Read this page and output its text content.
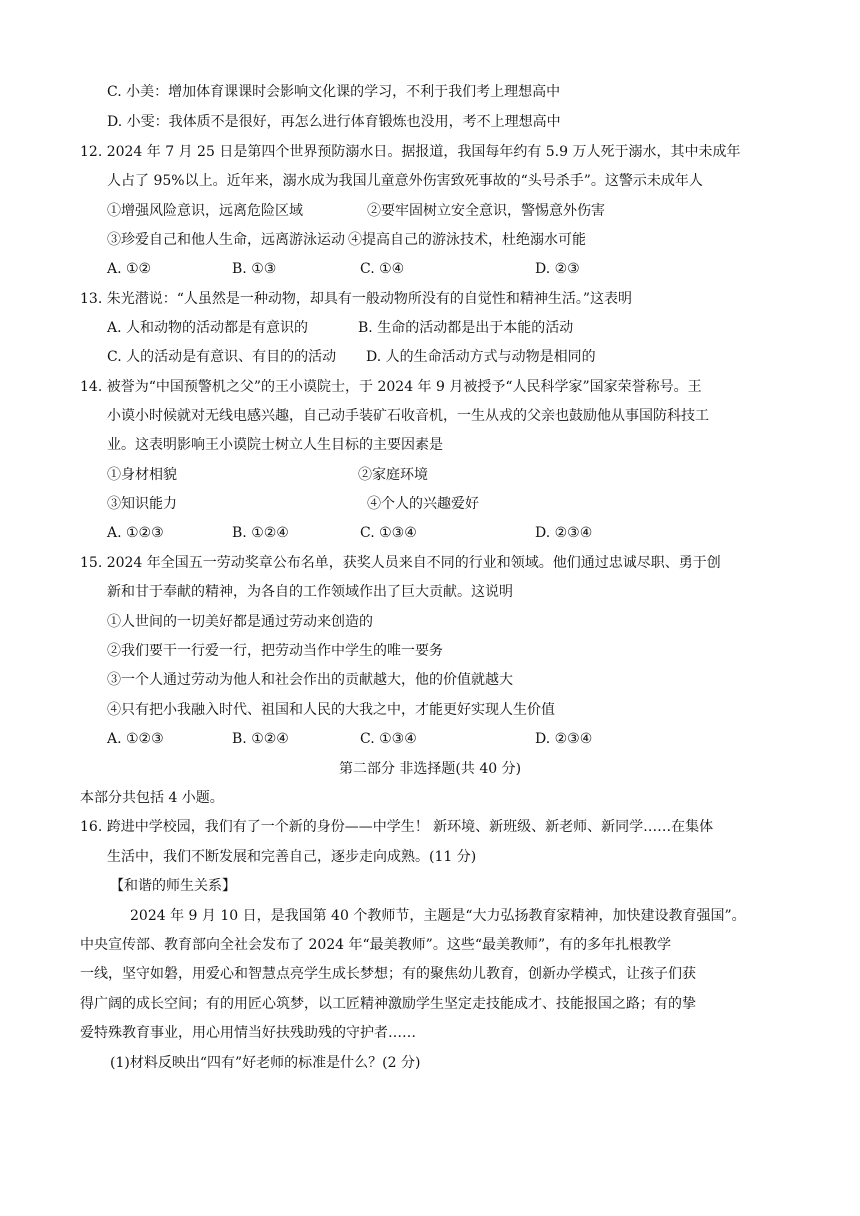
C. 小美：增加体育课课时会影响文化课的学习，不利于我们考上理想高中
D. 小雯：我体质不是很好，再怎么进行体育锻炼也没用，考不上理想高中
12. 2024 年 7 月 25 日是第四个世界预防溺水日。据报道，我国每年约有 5.9 万人死于溺水，其中未成年
人占了 95%以上。近年来，溺水成为我国儿童意外伤害致死事故的“头号杀手”。这警示未成年人
①增强风险意识，远离危险区域	②要牢固树立安全意识，警惕意外伤害
③珍爱自己和他人生命，远离游泳运动 ④提高自己的游泳技术，杜绝溺水可能
A. ①②	B. ①③	C. ①④	D. ②③
13. 朱光潜说：“人虽然是一种动物，却具有一般动物所没有的自觉性和精神生活。”这表明
A. 人和动物的活动都是有意识的	B. 生命的活动都是出于本能的活动
C. 人的活动是有意识、有目的的活动 D. 人的生命活动方式与动物是相同的
14. 被誉为“中国预警机之父”的王小谟院士，于 2024 年 9 月被授予“人民科学家”国家荣誉称号。王
小谟小时候就对无线电感兴趣，自己动手装矿石收音机，一生从戎的父亲也鼓励他从事国防科技工
业。这表明影响王小谟院士树立人生目标的主要因素是
①身材相貌	②家庭环境
③知识能力	④个人的兴趣爱好
A. ①②③	B. ①②④	C. ①③④	D. ②③④
15. 2024 年全国五一劳动奖章公布名单，获奖人员来自不同的行业和领域。他们通过忠诚尽职、勇于创
新和甘于奉献的精神，为各自的工作领域作出了巨大贡献。这说明
①人世间的一切美好都是通过劳动来创造的
②我们要干一行爱一行，把劳动当作中学生的唯一要务
③一个人通过劳动为他人和社会作出的贡献越大，他的价值就越大
④只有把小我融入时代、祖国和人民的大我之中，才能更好实现人生价值
A. ①②③	B. ①②④	C. ①③④	D. ②③④
第二部分 非选择题(共 40 分)
本部分共包括 4 小题。
16. 跨进中学校园，我们有了一个新的身份——中学生！ 新环境、新班级、新老师、新同学……在集体
生活中，我们不断发展和完善自己，逐步走向成熟。(11 分)
【和谐的师生关系】
2024 年 9 月 10 日，是我国第 40 个教师节，主题是“大力弘扬教育家精神，加快建设教育强国”。
中央宣传部、教育部向全社会发布了 2024 年“最美教师”。这些“最美教师”，有的多年扎根教学
一线，坚守如磐，用爱心和智慧点亮学生成长梦想；有的聚焦幼儿教育，创新办学模式，让孩子们获
得广阔的成长空间；有的用匠心筑梦，以工匠精神激励学生坚定走技能成才、技能报国之路；有的挚
爱特殊教育事业，用心用情当好扶残助残的守护者……
(1)材料反映出“四有”好老师的标准是什么？(2 分)
